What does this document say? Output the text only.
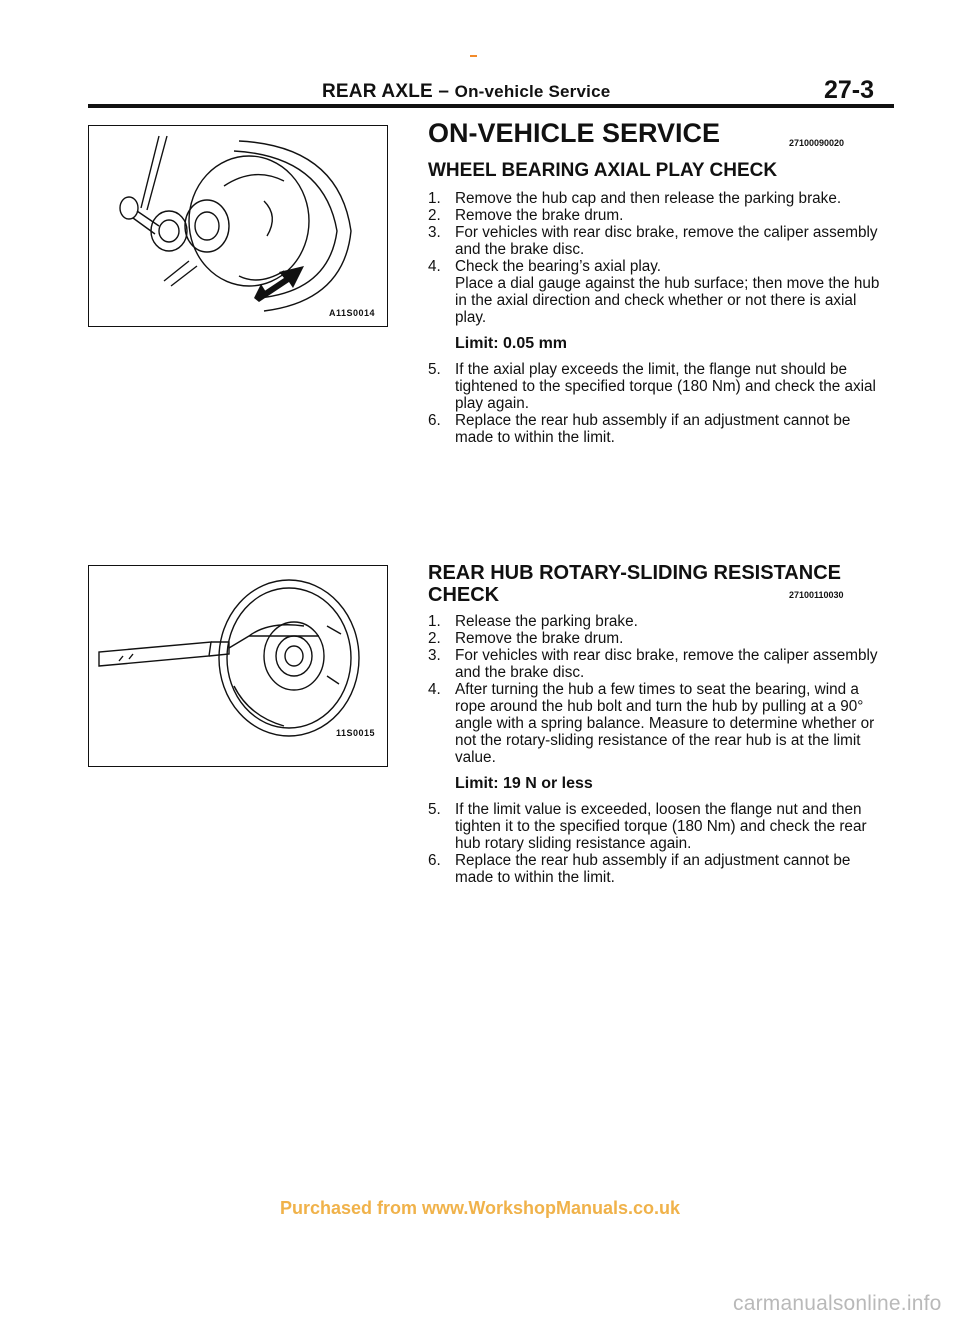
REAR AXLE – On-vehicle Service	27-3
A11S0014
11S0015
ON-VEHICLE SERVICE	27100090020
WHEEL BEARING AXIAL PLAY CHECK
1. Remove the hub cap and then release the parking brake.
2. Remove the brake drum.
3. For vehicles with rear disc brake, remove the caliper assembly and the brake disc.
4. Check the bearing’s axial play.
Place a dial gauge against the hub surface; then move the hub in the axial direction and check whether or not there is axial play.
Limit: 0.05 mm
5. If the axial play exceeds the limit, the flange nut should be tightened to the specified torque (180 Nm) and check the axial play again.
6. Replace the rear hub assembly if an adjustment cannot be made to within the limit.
REAR HUB ROTARY-SLIDING RESISTANCE
CHECK	27100110030
1. Release the parking brake.
2. Remove the brake drum.
3. For vehicles with rear disc brake, remove the caliper assembly and the brake disc.
4. After turning the hub a few times to seat the bearing, wind a rope around the hub bolt and turn the hub by pulling at a 90° angle with a spring balance. Measure to determine whether or not the rotary-sliding resistance of the rear hub is at the limit value.
Limit: 19 N or less
5. If the limit value is exceeded, loosen the flange nut and then tighten it to the specified torque (180 Nm) and check the rear hub rotary sliding resistance again.
6. Replace the rear hub assembly if an adjustment cannot be made to within the limit.
Purchased from www.WorkshopManuals.co.uk
carmanualsonline.info
